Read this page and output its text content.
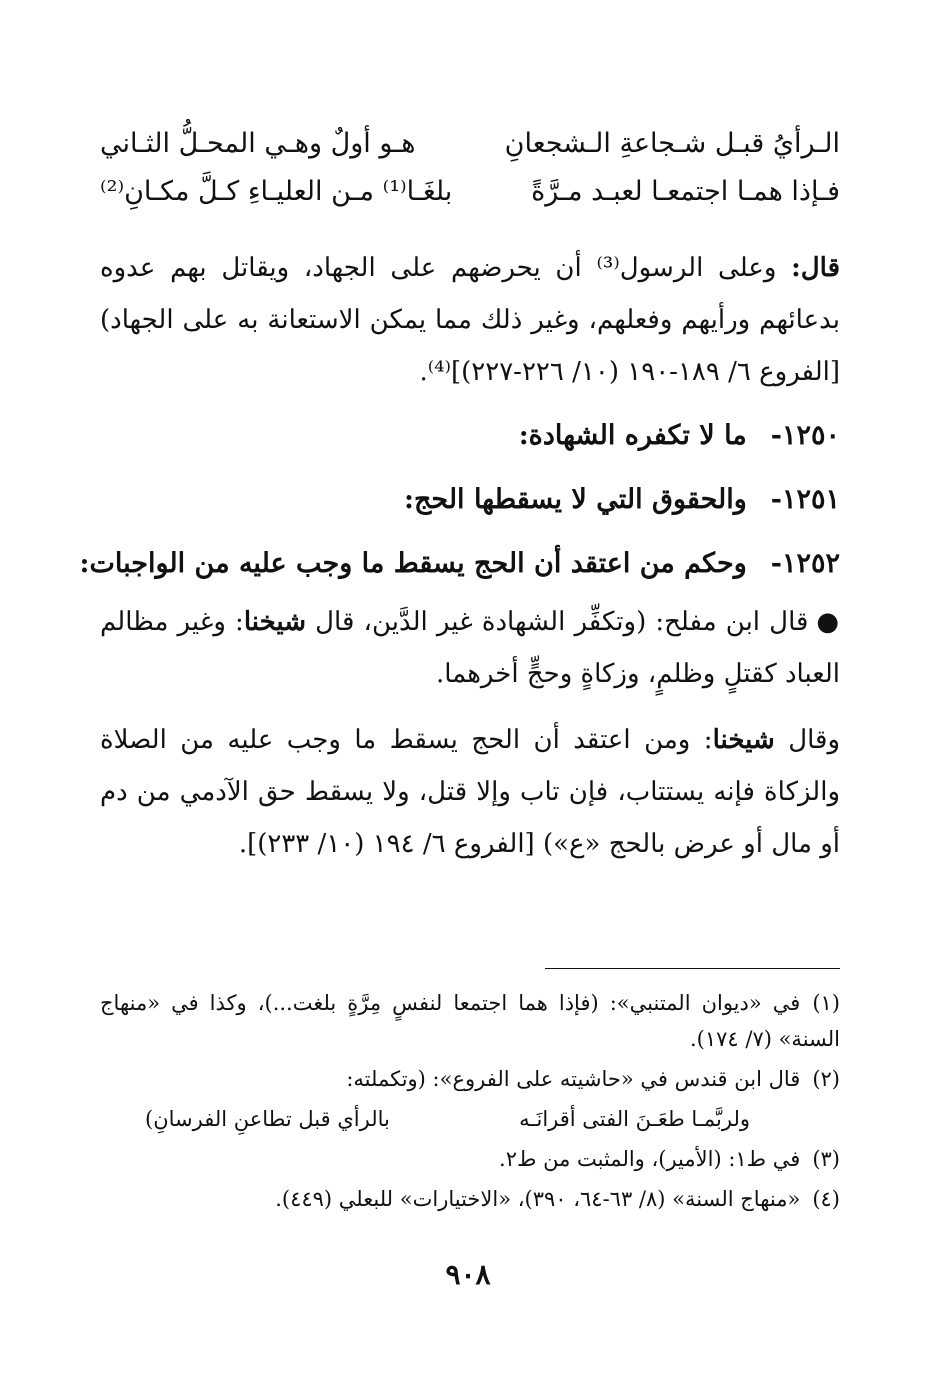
الـرأيُ قبـل شـجاعةِ الـشجعانِ
هـو أولٌ وهـي المحـلُّ الثـاني
فـإذا همـا اجتمعـا لعبـد مـرَّةً
بلغَـا⁽¹⁾ مـن العليـاءِ كـلَّ مكـانِ⁽²⁾

قال: وعلى الرسول⁽³⁾ أن يحرضهم على الجهاد، ويقاتل بهم عدوه بدعائهم ورأيهم وفعلهم، وغير ذلك مما يمكن الاستعانة به على الجهاد) [الفروع ٦/ ١٨٩-١٩٠ (١٠/ ٢٢٦-٢٢٧)]⁽⁴⁾.

١٢٥٠-ما لا تكفره الشهادة:

١٢٥١-والحقوق التي لا يسقطها الحج:

١٢٥٢-وحكم من اعتقد أن الحج يسقط ما وجب عليه من الواجبات:

●قال ابن مفلح: (وتكفِّر الشهادة غير الدَّين، قال شيخنا: وغير مظالم العباد كقتلٍ وظلمٍ، وزكاةٍ وحجٍّ أخرهما.

وقال شيخنا: ومن اعتقد أن الحج يسقط ما وجب عليه من الصلاة والزكاة فإنه يستتاب، فإن تاب وإلا قتل، ولا يسقط حق الآدمي من دم أو مال أو عرض بالحج «ع») [الفروع ٦/ ١٩٤ (١٠/ ٢٣٣)].

(١)في «ديوان المتنبي»: (فإذا هما اجتمعا لنفسٍ مِرَّةٍ بلغت...)، وكذا في «منهاج السنة» (٧/ ١٧٤).

(٢)قال ابن قندس في «حاشيته على الفروع»: (وتكملته:

ولربَّمـا طعَـنَ الفتى أقرانَـه
بالرأي قبل تطاعنِ الفرسانِ)

(٣)في ط١: (الأمير)، والمثبت من ط٢.

(٤)«منهاج السنة» (٨/ ٦٣-٦٤، ٣٩٠)، «الاختيارات» للبعلي (٤٤٩).

٩٠٨
